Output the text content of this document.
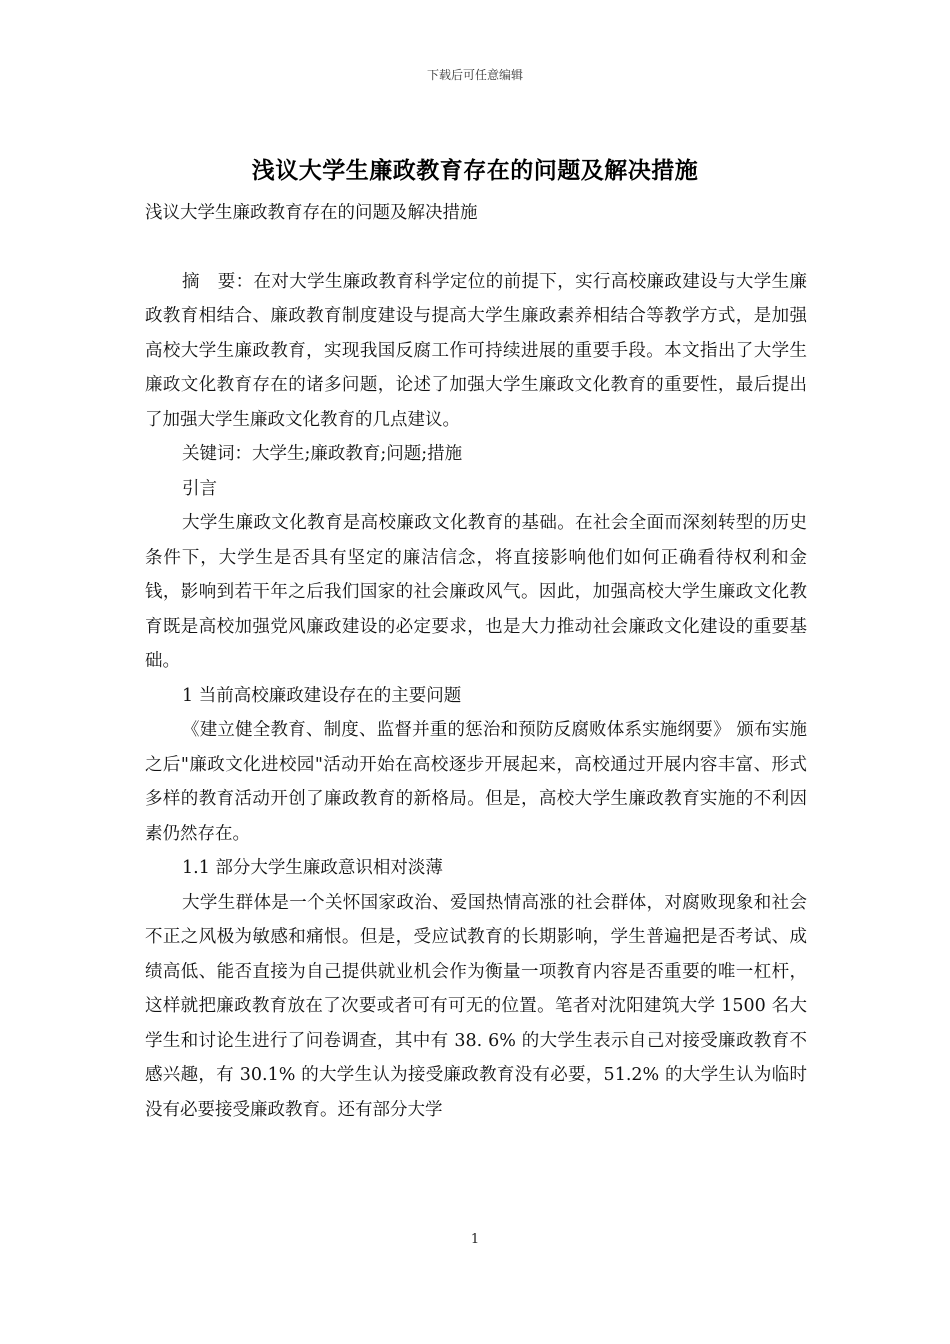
下载后可任意编辑
浅议大学生廉政教育存在的问题及解决措施

浅议大学生廉政教育存在的问题及解决措施

摘　要：在对大学生廉政教育科学定位的前提下，实行高校廉政建设与大学生廉政教育相结合、廉政教育制度建设与提高大学生廉政素养相结合等教学方式，是加强高校大学生廉政教育，实现我国反腐工作可持续进展的重要手段。本文指出了大学生廉政文化教育存在的诸多问题，论述了加强大学生廉政文化教育的重要性，最后提出了加强大学生廉政文化教育的几点建议。

关键词：大学生;廉政教育;问题;措施

引言

大学生廉政文化教育是高校廉政文化教育的基础。在社会全面而深刻转型的历史条件下，大学生是否具有坚定的廉洁信念，将直接影响他们如何正确看待权利和金钱，影响到若干年之后我们国家的社会廉政风气。因此，加强高校大学生廉政文化教育既是高校加强党风廉政建设的必定要求，也是大力推动社会廉政文化建设的重要基础。

1 当前高校廉政建设存在的主要问题

《建立健全教育、制度、监督并重的惩治和预防反腐败体系实施纲要》 颁布实施之后"廉政文化进校园"活动开始在高校逐步开展起来，高校通过开展内容丰富、形式多样的教育活动开创了廉政教育的新格局。但是，高校大学生廉政教育实施的不利因素仍然存在。

1.1 部分大学生廉政意识相对淡薄

大学生群体是一个关怀国家政治、爱国热情高涨的社会群体，对腐败现象和社会不正之风极为敏感和痛恨。但是，受应试教育的长期影响，学生普遍把是否考试、成绩高低、能否直接为自己提供就业机会作为衡量一项教育内容是否重要的唯一杠杆，这样就把廉政教育放在了次要或者可有可无的位置。笔者对沈阳建筑大学 1500 名大学生和讨论生进行了问卷调查，其中有 38. 6% 的大学生表示自己对接受廉政教育不感兴趣，有 30.1% 的大学生认为接受廉政教育没有必要，51.2% 的大学生认为临时没有必要接受廉政教育。还有部分大学

1
